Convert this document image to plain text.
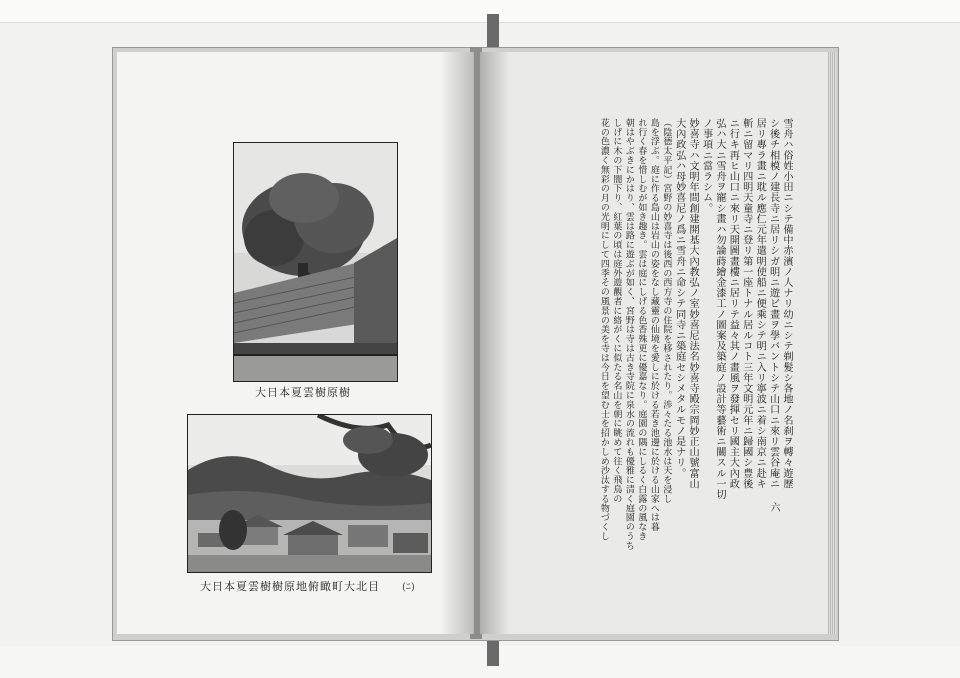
大日本夏雲樹原樹
大日本夏雲樹樹原地俯瞰町大北目 (ﾆ)
六
雪舟ハ俗姓小田ニシテ備中赤濱ノ人ナリ幼ニシテ剃髮シ各地ノ名刹ヲ轉々遊歷
シ後チ相模ノ建長寺ニ居リシガ明ニ遊ビ畫ヲ學バントシテ山口ニ來リ雲谷庵ニ
居リ專ラ畫ニ耽ル應仁元年遣明使船ニ便乘シテ明ニ入リ寧波ニ着シ南京ニ赴キ
斬ニ留マリ四明天童寺ニ登リ第一座トナル居ルコト三年文明元年ニ歸國シ豊後
ニ行キ再ヒ山口ニ來リ天開圖畫樓ニ居リテ益々其ノ畫風ヲ發揮セリ國主大內政
弘ハ大ニ雪舟ヲ寵シ畫ハ勿論蒔繪金漆工ノ圖案及築庭ノ設計等藝術ニ關スル一切
ノ事項ニ當ラシム。
妙喜寺ハ文明年間創建開基大內教弘ノ室妙喜尼法名妙喜寺殿宗岡妙正山號富山
大內政弘ハ母妙喜尼ノ爲ニ雪舟ニ命シテ同寺ニ築庭セシメタルモノ是ナリ。
（陰德太平記）宮野の妙喜寺は後西の西方寺の住院を移されたり。渉々たる池水は天を浸し
島を浮ぶ。庭に作る島山は岩山の姿をなし藏靈の仙境を愛しに於ける若き池邊に於ける山家へは暮
れ行く春を惜しむが如き趣き。雲は庭にしげる色香殊更に優嘉なり。庭園の隅にしるく白露の風なき
朝はやぶきにかはり、雲は路に遊ぶが如く、宮野は寺は古き寺院に泉水の流れも優雅に清く庭園のうち
しげに木の下闇下り、紅葉の頃は庭外遊觀者に絡がくに似たる名山を朝に眺めて往く飛鳥の
花の色濃く無彩の月の光明にして四季その風景の美を寺は今日を望む士を招かしめ沙汰する物づくし
